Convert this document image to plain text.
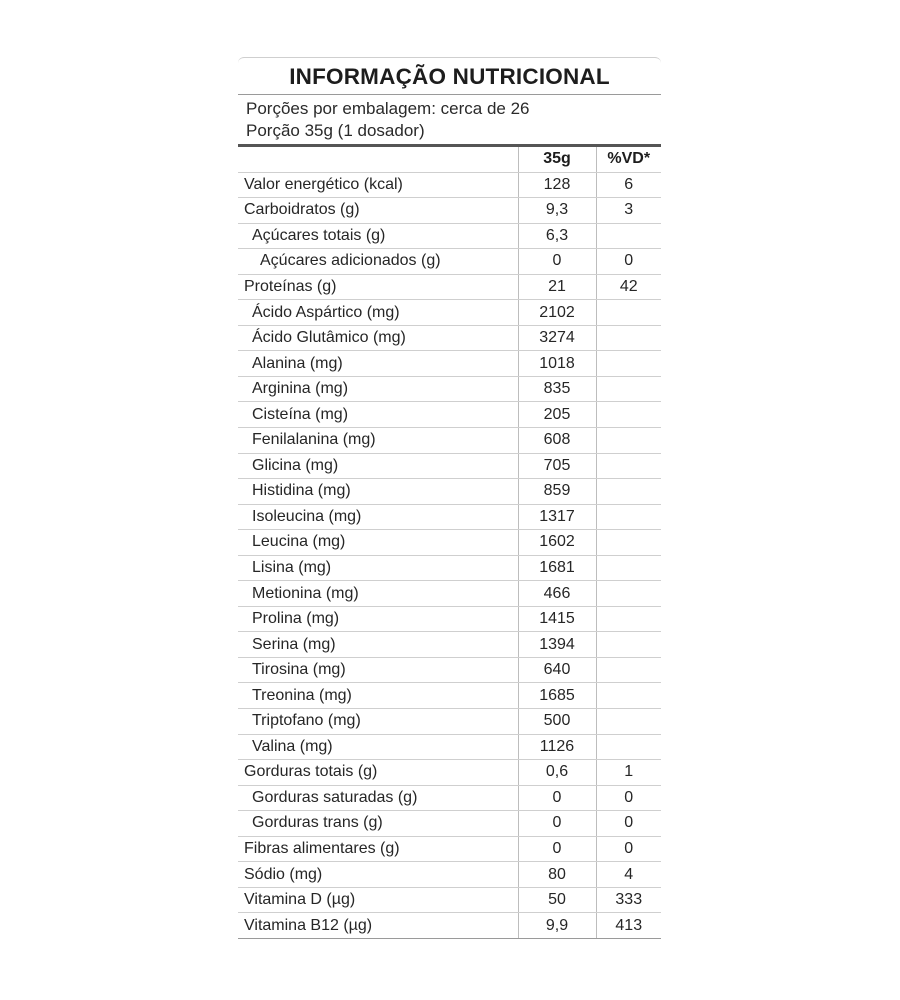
INFORMAÇÃO NUTRICIONAL
Porções por embalagem: cerca de 26
Porção 35g (1 dosador)
	35g	%VD*
Valor energético (kcal)	128	6
Carboidratos (g)	9,3	3
Açúcares totais (g)	6,3	
Açúcares adicionados (g)	0	0
Proteínas (g)	21	42
Ácido Aspártico (mg)	2102	
Ácido Glutâmico (mg)	3274	
Alanina (mg)	1018	
Arginina (mg)	835	
Cisteína (mg)	205	
Fenilalanina (mg)	608	
Glicina (mg)	705	
Histidina (mg)	859	
Isoleucina (mg)	1317	
Leucina (mg)	1602	
Lisina (mg)	1681	
Metionina (mg)	466	
Prolina (mg)	1415	
Serina (mg)	1394	
Tirosina (mg)	640	
Treonina (mg)	1685	
Triptofano (mg)	500	
Valina (mg)	1126	
Gorduras totais (g)	0,6	1
Gorduras saturadas (g)	0	0
Gorduras trans (g)	0	0
Fibras alimentares (g)	0	0
Sódio (mg)	80	4
Vitamina D (µg)	50	333
Vitamina B12 (µg)	9,9	413
